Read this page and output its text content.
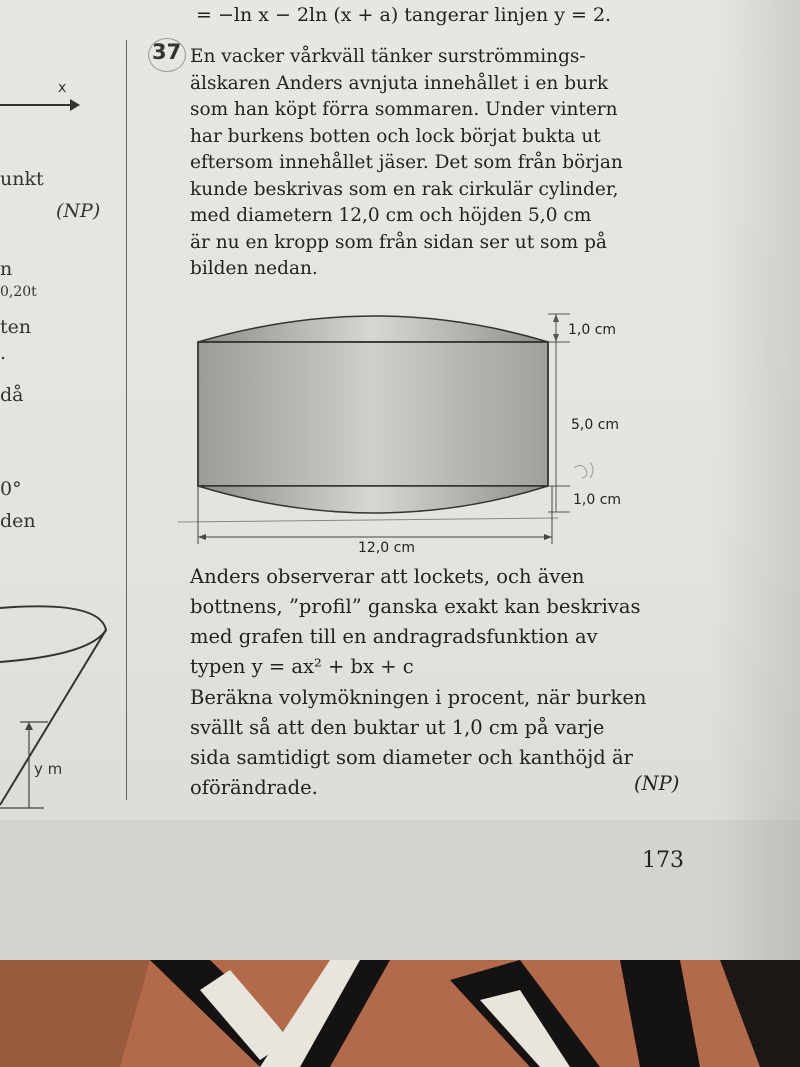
x
unkt
(NP)
n
0,20t
ten
.
då
0°
den
y m
= −ln x − 2ln (x + a) tangerar linjen y = 2.
37 En vacker vårkväll tänker surströmmings-
älskaren Anders avnjuta innehållet i en burk
som han köpt förra sommaren. Under vintern
har burkens botten och lock börjat bukta ut
eftersom innehållet jäser. Det som från början
kunde beskrivas som en rak cirkulär cylinder,
med diametern 12,0 cm och höjden 5,0 cm
är nu en kropp som från sidan ser ut som på
bilden nedan.
1,0 cm
5,0 cm
1,0 cm
12,0 cm
Anders observerar att lockets, och även
bottnens, ”profil” ganska exakt kan beskrivas
med grafen till en andragradsfunktion av
typen y = ax² + bx + c
Beräkna volymökningen i procent, när burken
svällt så att den buktar ut 1,0 cm på varje
sida samtidigt som diameter och kanthöjd är
oförändrade.	(NP)
173
